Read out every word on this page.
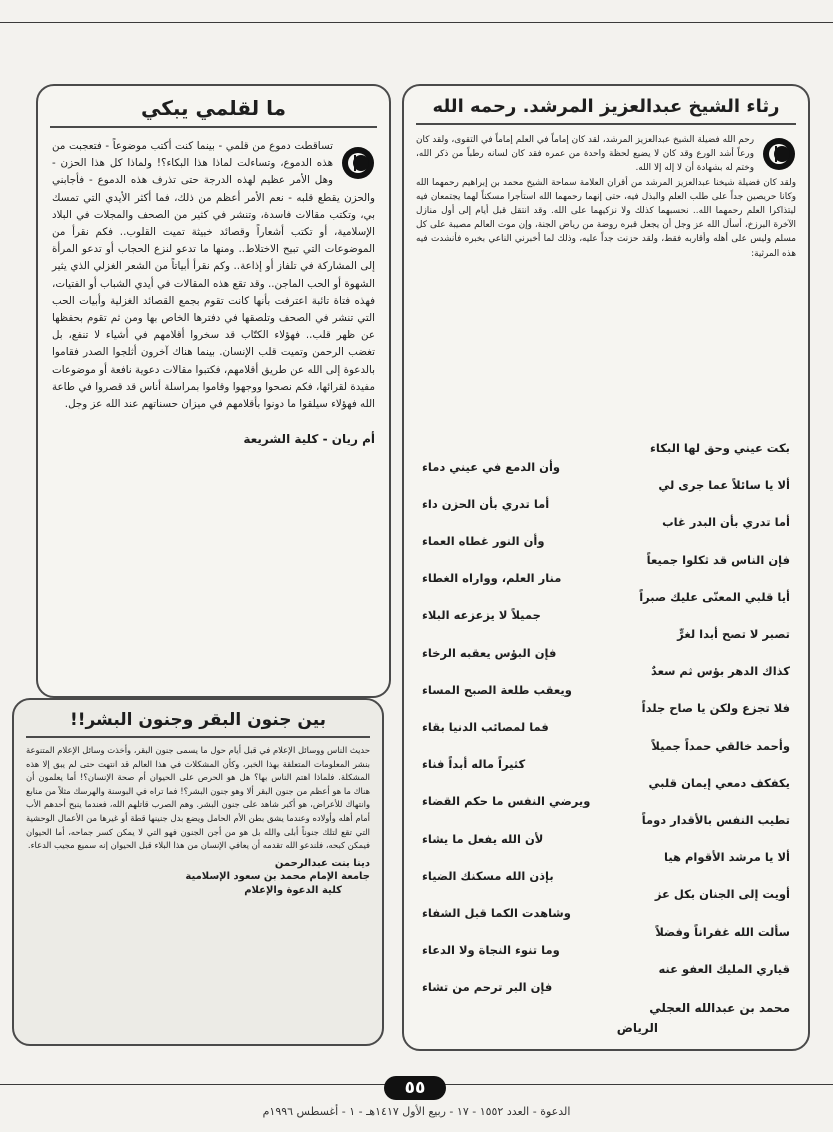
رثاء الشيخ عبدالعزيز المرشد. رحمه الله
رحم الله فضيلة الشيخ عبدالعزيز المرشد، لقد كان إماماً في العلم إماماً في التقوى، ولقد كان ورعاً أشد الورع وقد كان لا يضيع لحظة واحدة من عمره فقد كان لسانه رطباً من ذكر الله، وختم له بشهادة أن لا إله إلا الله.
ولقد كان فضيلة شيخنا عبدالعزيز المرشد من أقران العلامة سماحة الشيخ محمد بن إبراهيم رحمهما الله وكانا حريصين جداً على طلب العلم والبذل فيه، حتى إنهما رحمهما الله استأجرا مسكناً لهما يجتمعان فيه ليتذاكرا العلم رحمهما الله.. نحسبهما كذلك ولا نزكيهما على الله. وقد انتقل قبل أيام إلى أول منازل الآخرة البرزخ، أسأل الله عز وجل أن يجعل قبره روضة من رياض الجنة، وإن موت العالم مصيبة على كل مسلم وليس على أهله وأقاربه فقط، ولقد حزنت جداً عليه، وذلك لما أخبرني الناعي بخبره فأنشدت فيه هذه المرثية:
بكت عيني وحق لها البكاء
وأن الدمع في عيني دماء
ألا يا سائلاً عما جرى لي
أما تدري بأن الحزن داء
أما تدري بأن البدر غاب
وأن النور غطاه العماء
فإن الناس قد ثكلوا جميعاً
منار العلم، وواراه الغطاء
أيا قلبي المعنّى عليك صبراً
جميلاً لا يزعزعه البلاء
تصبر لا تصح أبدا لغرٍّ
فإن البؤس يعقبه الرخاء
كذاك الدهر بؤس ثم سعدٌ
ويعقب طلعة الصبح المساء
فلا تجزع ولكن يا صاح جلداً
فما لمصائب الدنيا بقاء
وأحمد خالقي حمداً جميلاً
كثيراً ماله أبداً فناء
يكفكف دمعي إيمان قلبي
ويرضي النفس ما حكم القضاء
تطيب النفس بالأقدار دوماً
لأن الله يفعل ما يشاء
ألا يا مرشد الأقوام هيا
بإذن الله مسكنك الضياء
أويت إلى الجنان بكل عز
وشاهدت الكما قبل الشفاء
سألت الله غفراناً وفضلاً
وما تنوء النجاة ولا الدعاء
قياري المليك العفو عنه
فإن البر ترحم من تشاء
محمد بن عبدالله العجلي
الرياض
ما لقلمي يبكي
تساقطت دموع من قلمي - بينما كنت أكتب موضوعاً - فتعجبت من هذه الدموع، وتساءلت لماذا هذا البكاء؟! ولماذا كل هذا الحزن - وهل الأمر عظيم لهذه الدرجة حتى تذرف هذه الدموع - فأجابني والحزن يقطع قلبه - نعم الأمر أعظم من ذلك، فما أكثر الأيدي التي تمسك بي، وتكتب مقالات فاسدة، وتنشر في كثير من الصحف والمجلات في البلاد الإسلامية، أو تكتب أشعاراً وقصائد خبيثة تميت القلوب.. فكم نقرأ من الموضوعات التي تبيح الاختلاط.. ومنها ما تدعو لنزع الحجاب أو تدعو المرأة إلى المشاركة في تلفاز أو إذاعة.. وكم نقرأ أبياتاً من الشعر الغزلي الذي يثير الشهوة أو الحب الماجن.. وقد تقع هذه المقالات في أيدي الشباب أو الفتيات، فهذه فتاة تائبة اعترفت بأنها كانت تقوم بجمع القصائد الغزلية وأبيات الحب التي تنشر في الصحف وتلصقها في دفترها الخاص بها ومن ثم تقوم بحفظها عن ظهر قلب.. فهؤلاء الكتّاب قد سخروا أقلامهم في أشياء لا تنفع، بل تغضب الرحمن وتميت قلب الإنسان. بينما هناك آخرون أثلجوا الصدر فقاموا بالدعوة إلى الله عن طريق أقلامهم، فكتبوا مقالات دعوية نافعة أو موضوعات مفيدة لقرائها، فكم نصحوا ووجهوا وقاموا بمراسلة أناس قد قصروا في طاعة الله فهؤلاء سيلقوا ما دونوا بأقلامهم في ميزان حسناتهم عند الله عز وجل.
أم ريان - كلية الشريعة
بين جنون البقر وجنون البشر!!
حديث الناس ووسائل الإعلام في قبل أيام حول ما يسمى جنون البقر، وأخذت وسائل الإعلام المتنوعة بنشر المعلومات المتعلقة بهذا الخبر، وكأن المشكلات في هذا العالم قد انتهت حتى لم يبق إلا هذه المشكلة. فلماذا اهتم الناس بها؟ هل هو الحرص على الحيوان أم صحة الإنسان؟! أما يعلمون أن هناك ما هو أعظم من جنون البقر ألا وهو جنون البشر؟! فما تراه في البوسنة والهرسك مثلاً من منابع وانتهاك للأعراض، هو أكبر شاهد على جنون البشر. وهم الصرب قاتلهم الله، فعندما ينبح أحدهم الأب أمام أهله وأولاده وعندما يشق بطن الأم الحامل ويضع بدل جنينها قطة أو غيرها من الأعمال الوحشية التي تقع لتلك جنوناً أبلى والله بل هو من أجن الجنون فهو التي لا يمكن كسر جماحه، أما الحيوان فيمكن كبحه، فلندعو الله تقدمه أن يعافي الإنسان من هذا البلاء قبل الحيوان إنه سميع مجيب الدعاء.
دينا بنت عبدالرحمن
جامعة الإمام محمد بن سعود الإسلامية
كلية الدعوة والإعلام
٥٥
الدعوة - العدد ١٥٥٢ - ١٧ - ربيع الأول ١٤١٧هـ - ١ - أغسطس ١٩٩٦م
